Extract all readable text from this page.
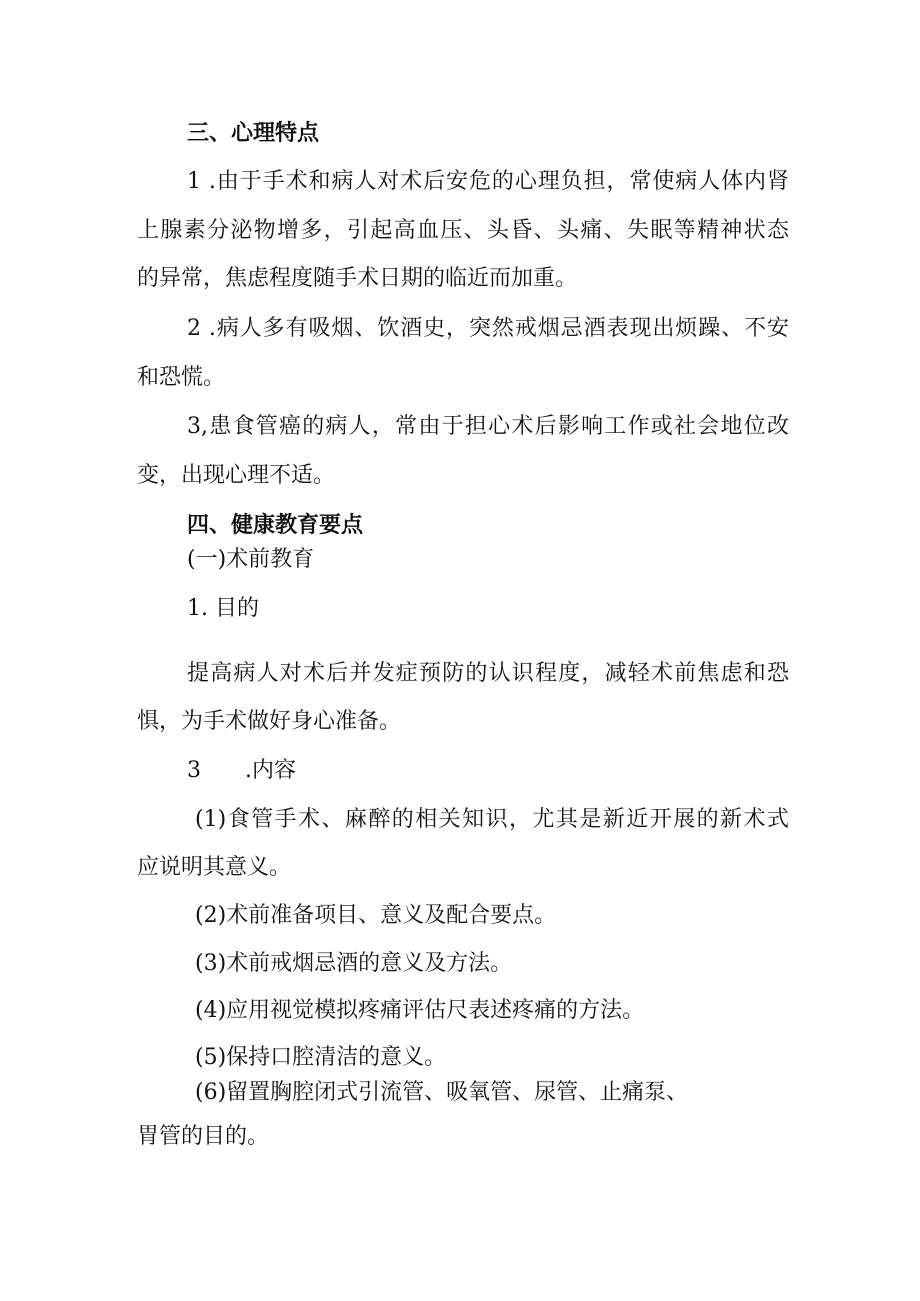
三、心理特点
1 .由于手术和病人对术后安危的心理负担，常使病人体内肾
上腺素分泌物增多，引起高血压、头昏、头痛、失眠等精神状态
的异常，焦虑程度随手术日期的临近而加重。
2 .病人多有吸烟、饮酒史，突然戒烟忌酒表现出烦躁、不安
和恐慌。
3,患食管癌的病人，常由于担心术后影响工作或社会地位改
变，出现心理不适。
四、健康教育要点
(一)术前教育
1. 目的
提高病人对术后并发症预防的认识程度，减轻术前焦虑和恐
惧，为手术做好身心准备。
3　　.内容
(1)食管手术、麻醉的相关知识，尤其是新近开展的新术式
应说明其意义。
(2)术前准备项目、意义及配合要点。
(3)术前戒烟忌酒的意义及方法。
(4)应用视觉模拟疼痛评估尺表述疼痛的方法。
(5)保持口腔清洁的意义。
(6)留置胸腔闭式引流管、吸氧管、尿管、止痛泵、
胃管的目的。
